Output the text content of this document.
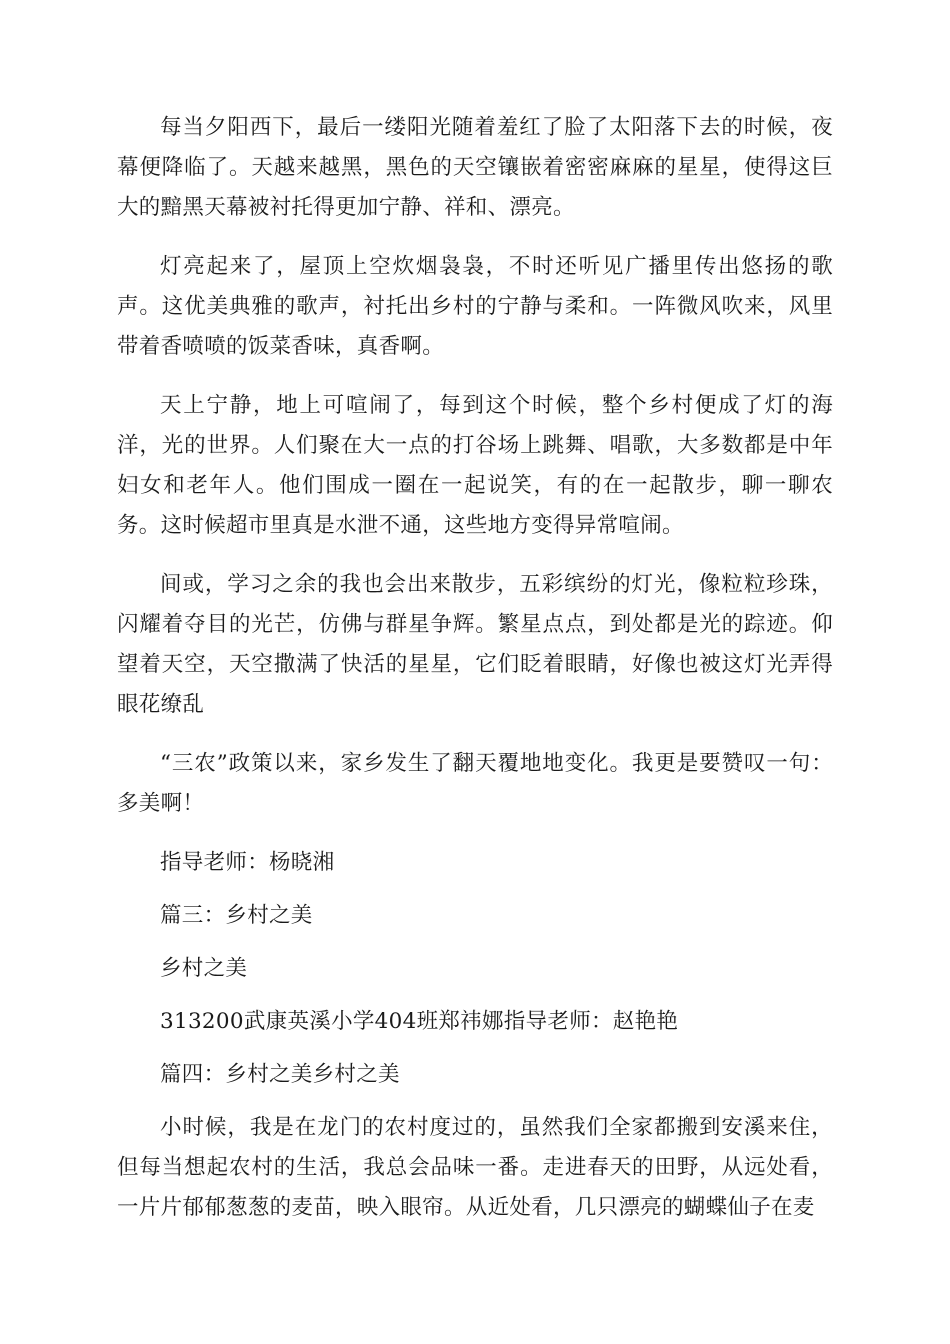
每当夕阳西下，最后一缕阳光随着羞红了脸了太阳落下去的时候，夜幕便降临了。天越来越黑，黑色的天空镶嵌着密密麻麻的星星，使得这巨大的黯黑天幕被衬托得更加宁静、祥和、漂亮。

灯亮起来了，屋顶上空炊烟袅袅，不时还听见广播里传出悠扬的歌声。这优美典雅的歌声，衬托出乡村的宁静与柔和。一阵微风吹来，风里带着香喷喷的饭菜香味，真香啊。

天上宁静，地上可喧闹了，每到这个时候，整个乡村便成了灯的海洋，光的世界。人们聚在大一点的打谷场上跳舞、唱歌，大多数都是中年妇女和老年人。他们围成一圈在一起说笑，有的在一起散步，聊一聊农务。这时候超市里真是水泄不通，这些地方变得异常喧闹。

间或，学习之余的我也会出来散步，五彩缤纷的灯光，像粒粒珍珠，闪耀着夺目的光芒，仿佛与群星争辉。繁星点点，到处都是光的踪迹。仰望着天空，天空撒满了快活的星星，它们眨着眼睛，好像也被这灯光弄得眼花缭乱

“三农”政策以来，家乡发生了翻天覆地地变化。我更是要赞叹一句：多美啊！

指导老师：杨晓湘

篇三：乡村之美

乡村之美

313200武康英溪小学404班郑祎娜指导老师：赵艳艳

篇四：乡村之美乡村之美

小时候，我是在龙门的农村度过的，虽然我们全家都搬到安溪来住，但每当想起农村的生活，我总会品味一番。走进春天的田野，从远处看，一片片郁郁葱葱的麦苗，映入眼帘。从近处看，几只漂亮的蝴蝶仙子在麦
